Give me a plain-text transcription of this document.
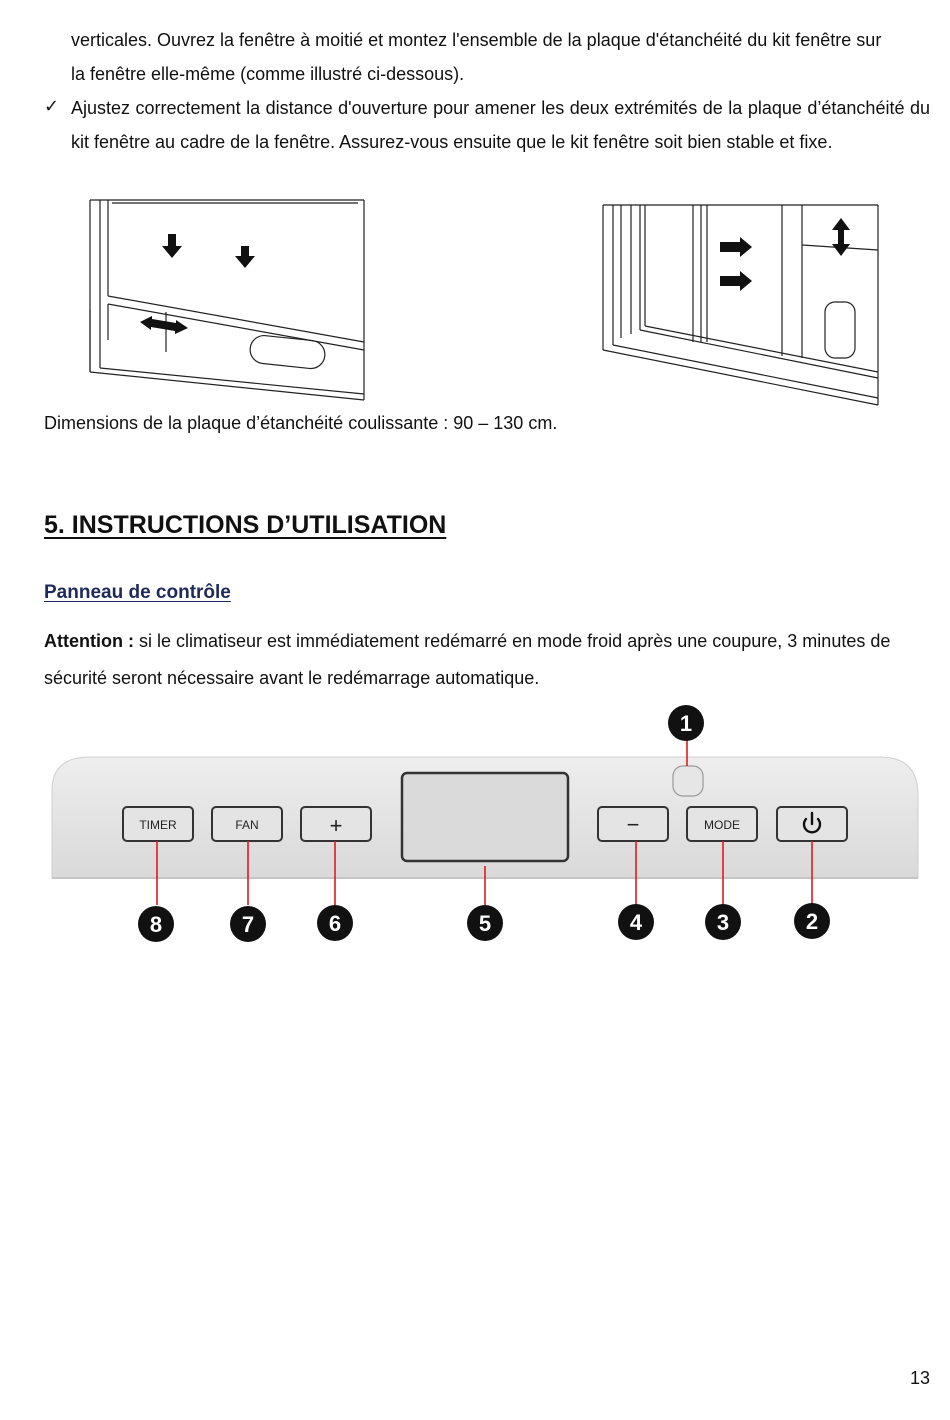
verticales. Ouvrez la fenêtre à moitié et montez l'ensemble de la plaque d'étanchéité du kit fenêtre sur

la fenêtre elle-même (comme illustré ci-dessous).

✓ Ajustez correctement la distance d'ouverture pour amener les deux extrémités de la plaque d’étanchéité du kit fenêtre au cadre de la fenêtre. Assurez-vous ensuite que le kit fenêtre soit bien stable et fixe.

Dimensions de la plaque d’étanchéité coulissante : 90 – 130 cm.

5. INSTRUCTIONS D’UTILISATION
Panneau de contrôle

Attention : si le climatiseur est immédiatement redémarré en mode froid après une coupure, 3 minutes de sécurité seront nécessaire avant le redémarrage automatique.

TIMER	FAN	+	−	MODE
1
2
3
4
5
6
7
8
13
